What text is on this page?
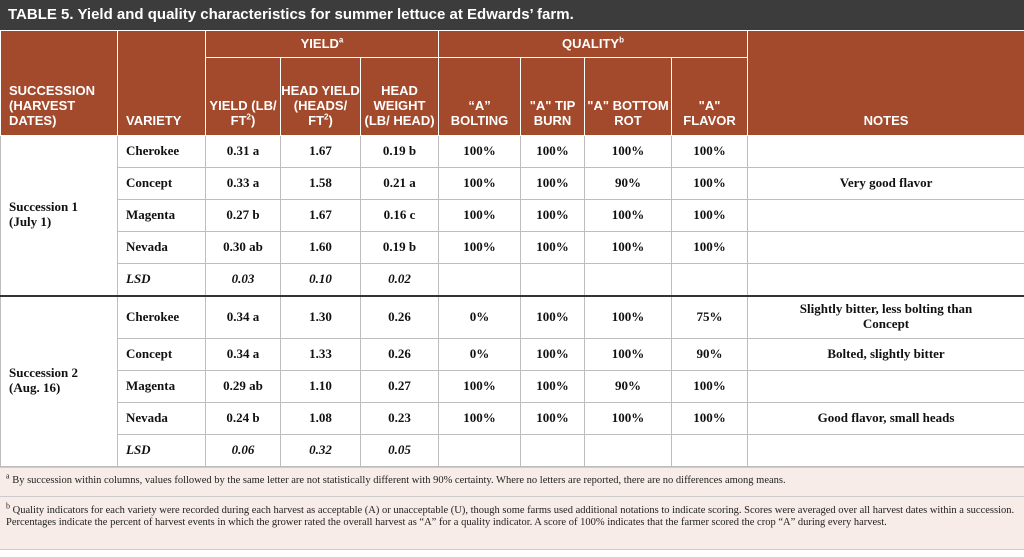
TABLE 5. Yield and quality characteristics for summer lettuce at Edwards’ farm.
SUCCESSION (HARVEST DATES)	VARIETY	YIELD$^a$			QUALITY$^b$				NOTES
		YIELD (LB/ $FT^2$)	HEAD YIELD (HEADS/ $FT^2$)	HEAD WEIGHT (LB/ HEAD)	“A” BOLTING	"A" TIP BURN	"A" BOTTOM ROT	"A" FLAVOR	
Succession 1
(July 1)	Cherokee	0.31 a	1.67	0.19 b	100%	100%	100%	100%	
	Concept	0.33 a	1.58	0.21 a	100%	100%	90%	100%	Very good flavor
	Magenta	0.27 b	1.67	0.16 c	100%	100%	100%	100%	
	Nevada	0.30 ab	1.60	0.19 b	100%	100%	100%	100%	
	LSD	0.03	0.10	0.02					
Succession 2
(Aug. 16)	Cherokee	0.34 a	1.30	0.26	0%	100%	100%	75%	Slightly bitter, less bolting than Concept
	Concept	0.34 a	1.33	0.26	0%	100%	100%	90%	Bolted, slightly bitter
	Magenta	0.29 ab	1.10	0.27	100%	100%	90%	100%	
	Nevada	0.24 b	1.08	0.23	100%	100%	100%	100%	Good flavor, small heads
	LSD	0.06	0.32	0.05					
$^a$ By succession within columns, values followed by the same letter are not statistically different with 90% certainty. Where no letters are reported, there are no differences among means.
$^b$ Quality indicators for each variety were recorded during each harvest as acceptable (A) or unacceptable (U), though some farms used additional notations to indicate scoring. Scores were averaged over all harvest dates within a succession. Percentages indicate the percent of harvest events in which the grower rated the overall harvest as “A” for a quality indicator. A score of 100% indicates that the farmer scored the crop “A” during every harvest.
